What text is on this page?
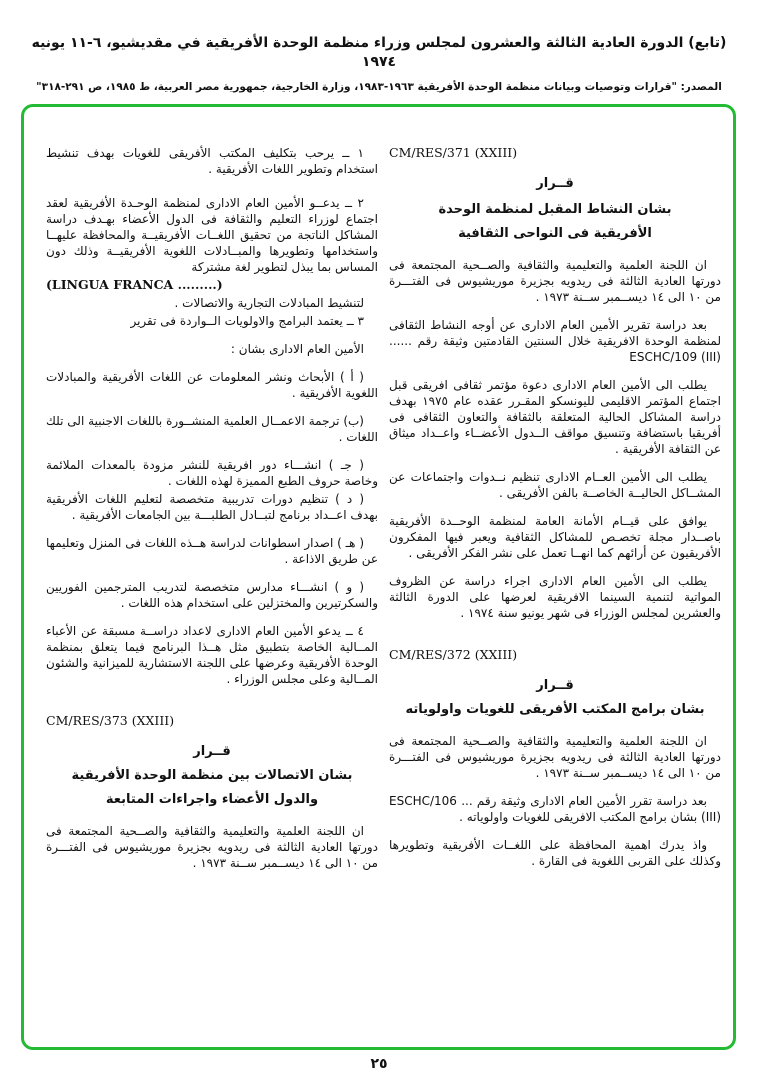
(تابع) الدورة العادية الثالثة والعشرون لمجلس وزراء منظمة الوحدة الأفريقية في مقديشيو، ٦-١١ يونيه ١٩٧٤
المصدر: "قرارات وتوصيات وبيانات منظمة الوحدة الأفريقية ١٩٦٣-١٩٨٣، وزارة الخارجية، جمهورية مصر العربية، ط ١٩٨٥، ص ٢٩١-٣١٨"
CM/RES/371 (XXIII)
قــرار
بشان النشاط المقبل لمنظمة الوحدة
الأفريقية فى النواحى الثقافية
ان اللجنة العلمية والتعليمية والثقافية والصــحية المجتمعة فى دورتها العادية الثالثة فى ريدويه بجزيرة موريشيوس فى الفتـــرة من ١٠ الى ١٤ ديســمبر ســنة ١٩٧٣ .
بعد دراسة تقرير الأمين العام الادارى عن أوجه النشاط الثقافى لمنظمة الوحدة الافريقية خلال السنتين القادمتين وثيقة رقم ...... ESCHC/109 (III)
يطلب الى الأمين العام الادارى دعوة مؤتمر ثقافى افريقى قبل اجتماع المؤتمر الاقليمى لليونسكو المقـرر عقده عام ١٩٧٥ بهدف دراسة المشاكل الحالية المتعلقة بالثقافة والتعاون الثقافى فى أفريقيا باستضافة وتنسيق مواقف الــدول الأعضــاء واعــداد ميثاق عن الثقافة الأفريقية .
يطلب الى الأمين العــام الادارى تنظيم نــدوات واجتماعات عن المشــاكل الحاليــة الخاصــة بالفن الأفريقى .
يوافق على قيــام الأمانة العامة لمنظمة الوحــدة الأفريقية باصــدار مجلة تخصـص للمشاكل الثقافية ويعبر فيها المفكرون الأفريقيون عن أرائهم كما انهــا تعمل على نشر الفكر الأفريقى .
يطلب الى الأمين العام الادارى اجراء دراسة عن الظروف المواتية لتنمية السينما الافريقية لعرضها على الدورة الثالثة والعشرين لمجلس الوزراء فى شهر يونيو سنة ١٩٧٤ .
CM/RES/372 (XXIII)
قــرار
بشان برامج المكتب الأفريقى للغويات واولوياته
ان اللجنة العلمية والتعليمية والثقافية والصــحية المجتمعة فى دورتها العادية الثالثة فى ريدويه بجزيرة موريشيوس فى الفتـــرة من ١٠ الى ١٤ ديســمبر ســنة ١٩٧٣ .
بعد دراسة تقرر الأمين العام الادارى وثيقة رقم ... ESCHC/106 (III) بشان برامج المكتب الافريقى للغويات واولوياته .
واذ يدرك اهمية المحافظة على اللغــات الأفريقية وتطويرها وكذلك على القربى اللغوية فى القارة .
١ ــ يرحب بتكليف المكتب الأفريقى للغويات بهدف تنشيط استخدام وتطوير اللغات الأفريقية .
٢ ــ يدعــو الأمين العام الادارى لمنظمة الوحـدة الأفريقية لعقد اجتماع لوزراء التعليم والثقافة فى الدول الأعضاء بهـدف دراسة المشاكل الناتجة من تحقيق اللغــات الأفريقيــة والمحافظة عليهــا واستخدامها وتطويرها والمبــادلات اللغوية الأفريقيــة وذلك دون المساس بما يبذل لتطوير لغة مشتركة
(LINGUA FRANCA .........)
لتنشيط المبادلات التجارية والاتصالات .
٣ ــ يعتمد البرامج والاولويات الــواردة فى تقرير
الأمين العام الادارى بشان :
( أ ) الأبحاث ونشر المعلومات عن اللغات الأفريقية والمبادلات اللغوية الأفريقية .
(ب) ترجمة الاعمــال العلمية المنشــورة باللغات الاجنبية الى تلك اللغات .
( جـ ) انشـــاء دور افريقية للنشر مزودة بالمعدات الملائمة وخاصة حروف الطبع المميزة لهذه اللغات .
( د ) تنظيم دورات تدريبية متخصصة لتعليم اللغات الأفريقية بهدف اعــداد برنامج لتبــادل الطلبـــة بين الجامعات الأفريقية .
( هـ ) اصدار اسطوانات لدراسة هــذه اللغات فى المنزل وتعليمها عن طريق الاذاعة .
( و ) انشـــاء مدارس متخصصة لتدريب المترجمين الفوريين والسكرتيرين والمختزلين على استخدام هذه اللغات .
٤ ــ يدعو الأمين العام الادارى لاعداد دراســة مسبقة عن الأعباء المــالية الخاصة بتطبيق مثل هــذا البرنامج فيما يتعلق بمنظمة الوحدة الأفريقية وعرضها على اللجنة الاستشارية للميزانية والشئون المــالية وعلى مجلس الوزراء .
CM/RES/373 (XXIII)
قــرار
بشان الاتصالات بين منظمة الوحدة الأفريقية
والدول الأعضاء واجراءات المتابعة
ان اللجنة العلمية والتعليمية والثقافية والصــحية المجتمعة فى دورتها العادية الثالثة فى ريدويه بجزيرة موريشيوس فى الفتـــرة من ١٠ الى ١٤ ديســمبر ســنة ١٩٧٣ .
٢٥
